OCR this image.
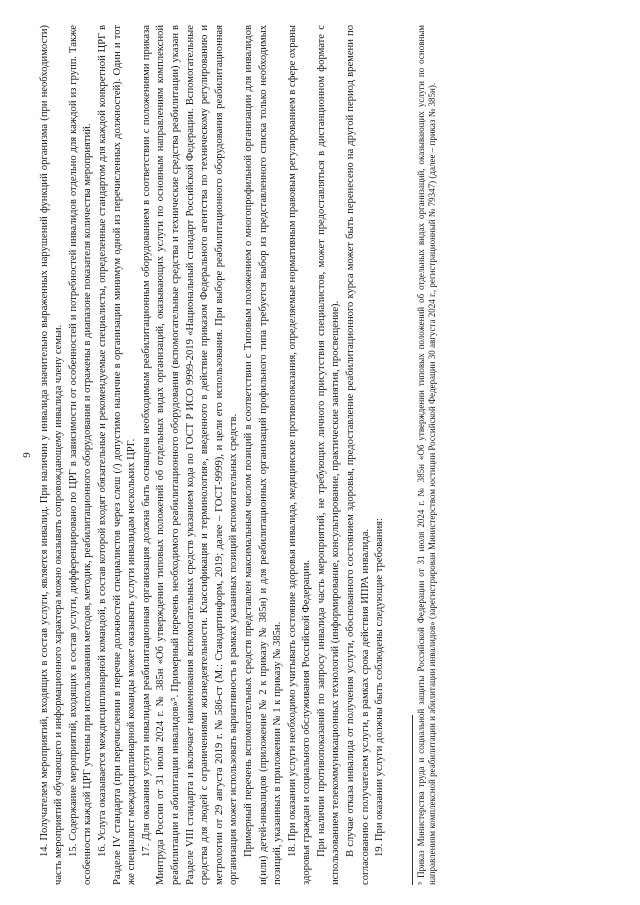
9 14. Получателем мероприятий, входящих в состав услуги, является инвалид. При наличии у инвалида значительно выраженных нарушений функций организма (при необходимости) часть мероприятий обучающего и информационного характера можно оказывать сопровождающему инвалида члену семьи. 15. Содержание мероприятий, входящих в состав услуги, дифференцировано по ЦРГ в зависимости от особенностей и потребностей инвалидов отдельно для каждой из групп. Также особенности каждой ЦРГ учтены при использовании методов, методик, реабилитационного оборудования и отражены в диапазоне показателя количества мероприятий. 16. Услуга оказывается междисциплинарной командой, в состав которой входят обязательные и рекомендуемые специалисты, определенные стандартом для каждой конкретной ЦРГ в Разделе IV стандарта (при перечислении в перечне должностей специалистов через слеш (/) допустимо наличие в организации минимум одной из перечисленных должностей). Один и тот же специалист междисциплинарной команды может оказывать услуги инвалидам нескольких ЦРГ. 17. Для оказания услуги инвалидам реабилитационная организация должна быть оснащена необходимым реабилитационным оборудованием в соответствии с положениями приказа Минтруда России от 31 июля 2024 г. № 385н «Об утверждении типовых положений об отдельных видах организаций, оказывающих услуги по основным направлениям комплексной реабилитации и абилитации инвалидов»⁵. Примерный перечень необходимого реабилитационного оборудования (вспомогательные средства и технические средства реабилитации) указан в Разделе VIII стандарта и включает наименования вспомогательных средств указанием кода по ГОСТ Р ИСО 9999-2019 «Национальный стандарт Российской Федерации. Вспомогательные средства для людей с ограничениями жизнедеятельности. Классификация и терминология», введенного в действие приказом Федерального агентства по техническому регулированию и метрологии от 29 августа 2019 г. № 586-ст (М.: Стандартинформ, 2019; далее – ГОСТ-9999), и цели его использования. При выборе реабилитационного оборудования реабилитационная организация может использовать вариативность в рамках указанных позиций вспомогательных средств. Примерный перечень вспомогательных средств представлен максимальным числом позиций в соответствии с Типовым положением о многопрофильной организации для инвалидов и(или) детей-инвалидов (приложение № 2 к приказу № 385н) и для реабилитационных организаций профильного типа требуется выбор из представленного списка только необходимых позиций, указанных в приложении № 1 к приказу № 385н. 18. При оказании услуги необходимо учитывать состояние здоровья инвалида, медицинские противопоказания, определяемые нормативным правовым регулированием в сфере охраны здоровья граждан и социального обслуживания Российской Федерации. При наличии противопоказаний по запросу инвалида часть мероприятий, не требующих личного присутствия специалистов, может предоставляться в дистанционном формате с использованием телекоммуникационных технологий (информирование, консультирование, практические занятия, просвещение). В случае отказа инвалида от получения услуги, обоснованного состоянием здоровья, предоставление реабилитационного курса может быть перенесено на другой период времени по согласованию с получателем услуги, в рамках срока действия ИПРА инвалида. 19. При оказании услуги должны быть соблюдены следующие требования:	⁵ Приказ Министерства труда и социальной защиты Российской Федерации от 31 июля 2024 г. № 385н «Об утверждении типовых положений об отдельных видах организаций, оказывающих услуги по основным направлениям комплексной реабилитации и абилитации инвалидов» (зарегистрирован Министерством юстиции Российской Федерации 30 августа 2024 г., регистрационный № 79347) (далее – приказ № 385н).
